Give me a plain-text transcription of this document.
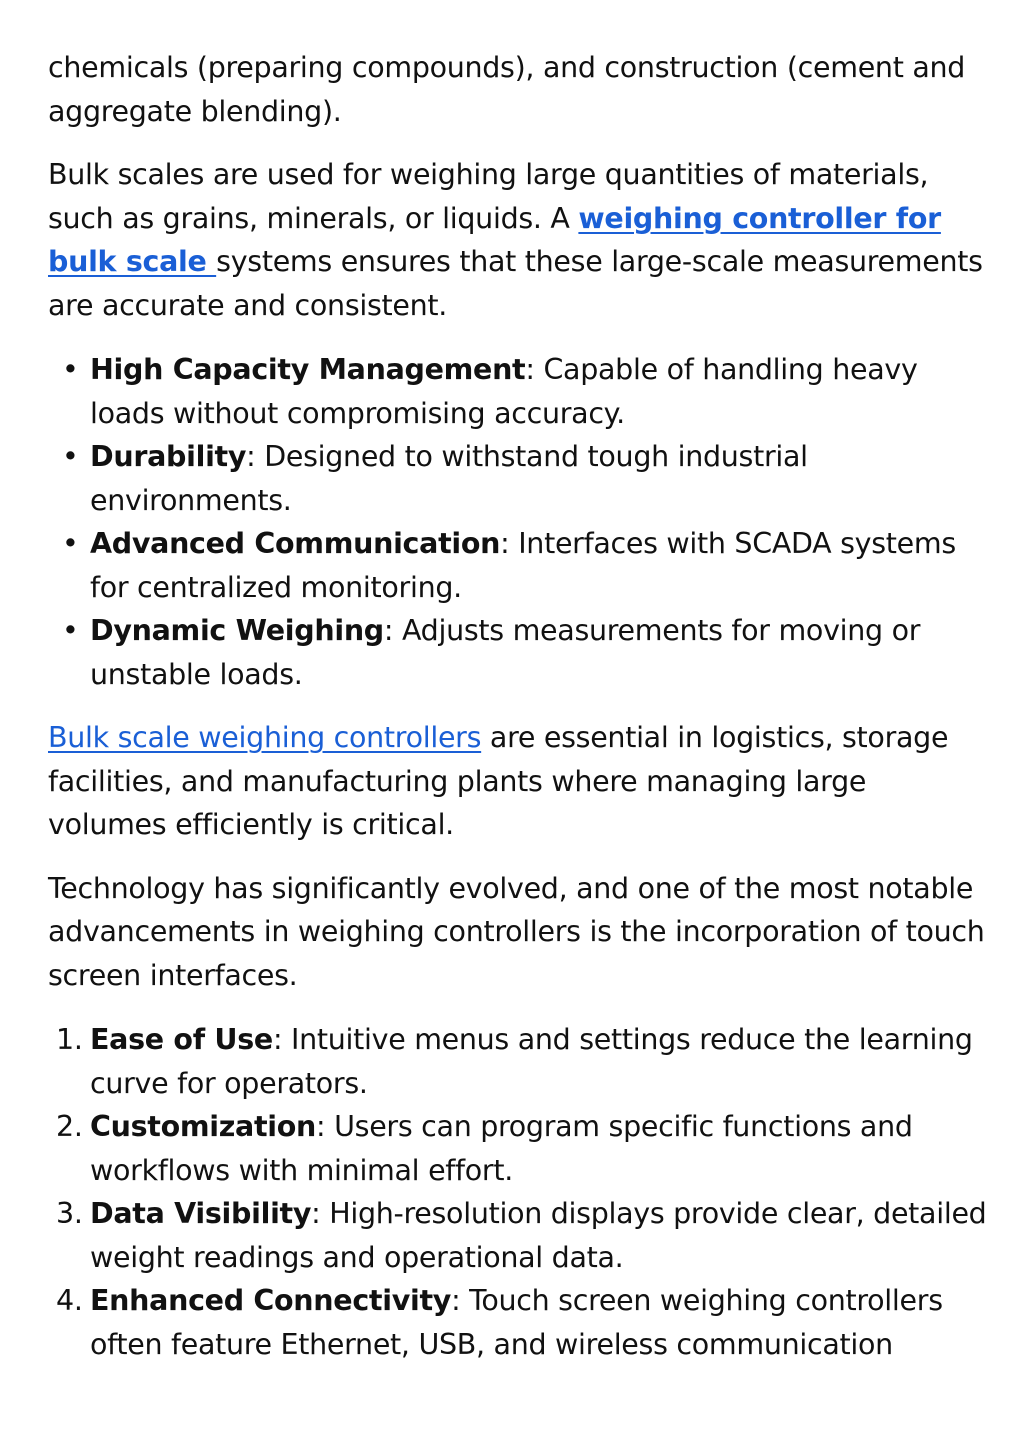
chemicals (preparing compounds), and construction (cement and aggregate blending).

Bulk scales are used for weighing large quantities of materials, such as grains, minerals, or liquids. A weighing controller for bulk scale systems ensures that these large-scale measurements are accurate and consistent.

• High Capacity Management: Capable of handling heavy loads without compromising accuracy.
• Durability: Designed to withstand tough industrial environments.
• Advanced Communication: Interfaces with SCADA systems for centralized monitoring.
• Dynamic Weighing: Adjusts measurements for moving or unstable loads.

Bulk scale weighing controllers are essential in logistics, storage facilities, and manufacturing plants where managing large volumes efficiently is critical.

Technology has significantly evolved, and one of the most notable advancements in weighing controllers is the incorporation of touch screen interfaces.

1. Ease of Use: Intuitive menus and settings reduce the learning curve for operators.
2. Customization: Users can program specific functions and workflows with minimal effort.
3. Data Visibility: High-resolution displays provide clear, detailed weight readings and operational data.
4. Enhanced Connectivity: Touch screen weighing controllers often feature Ethernet, USB, and wireless communication
